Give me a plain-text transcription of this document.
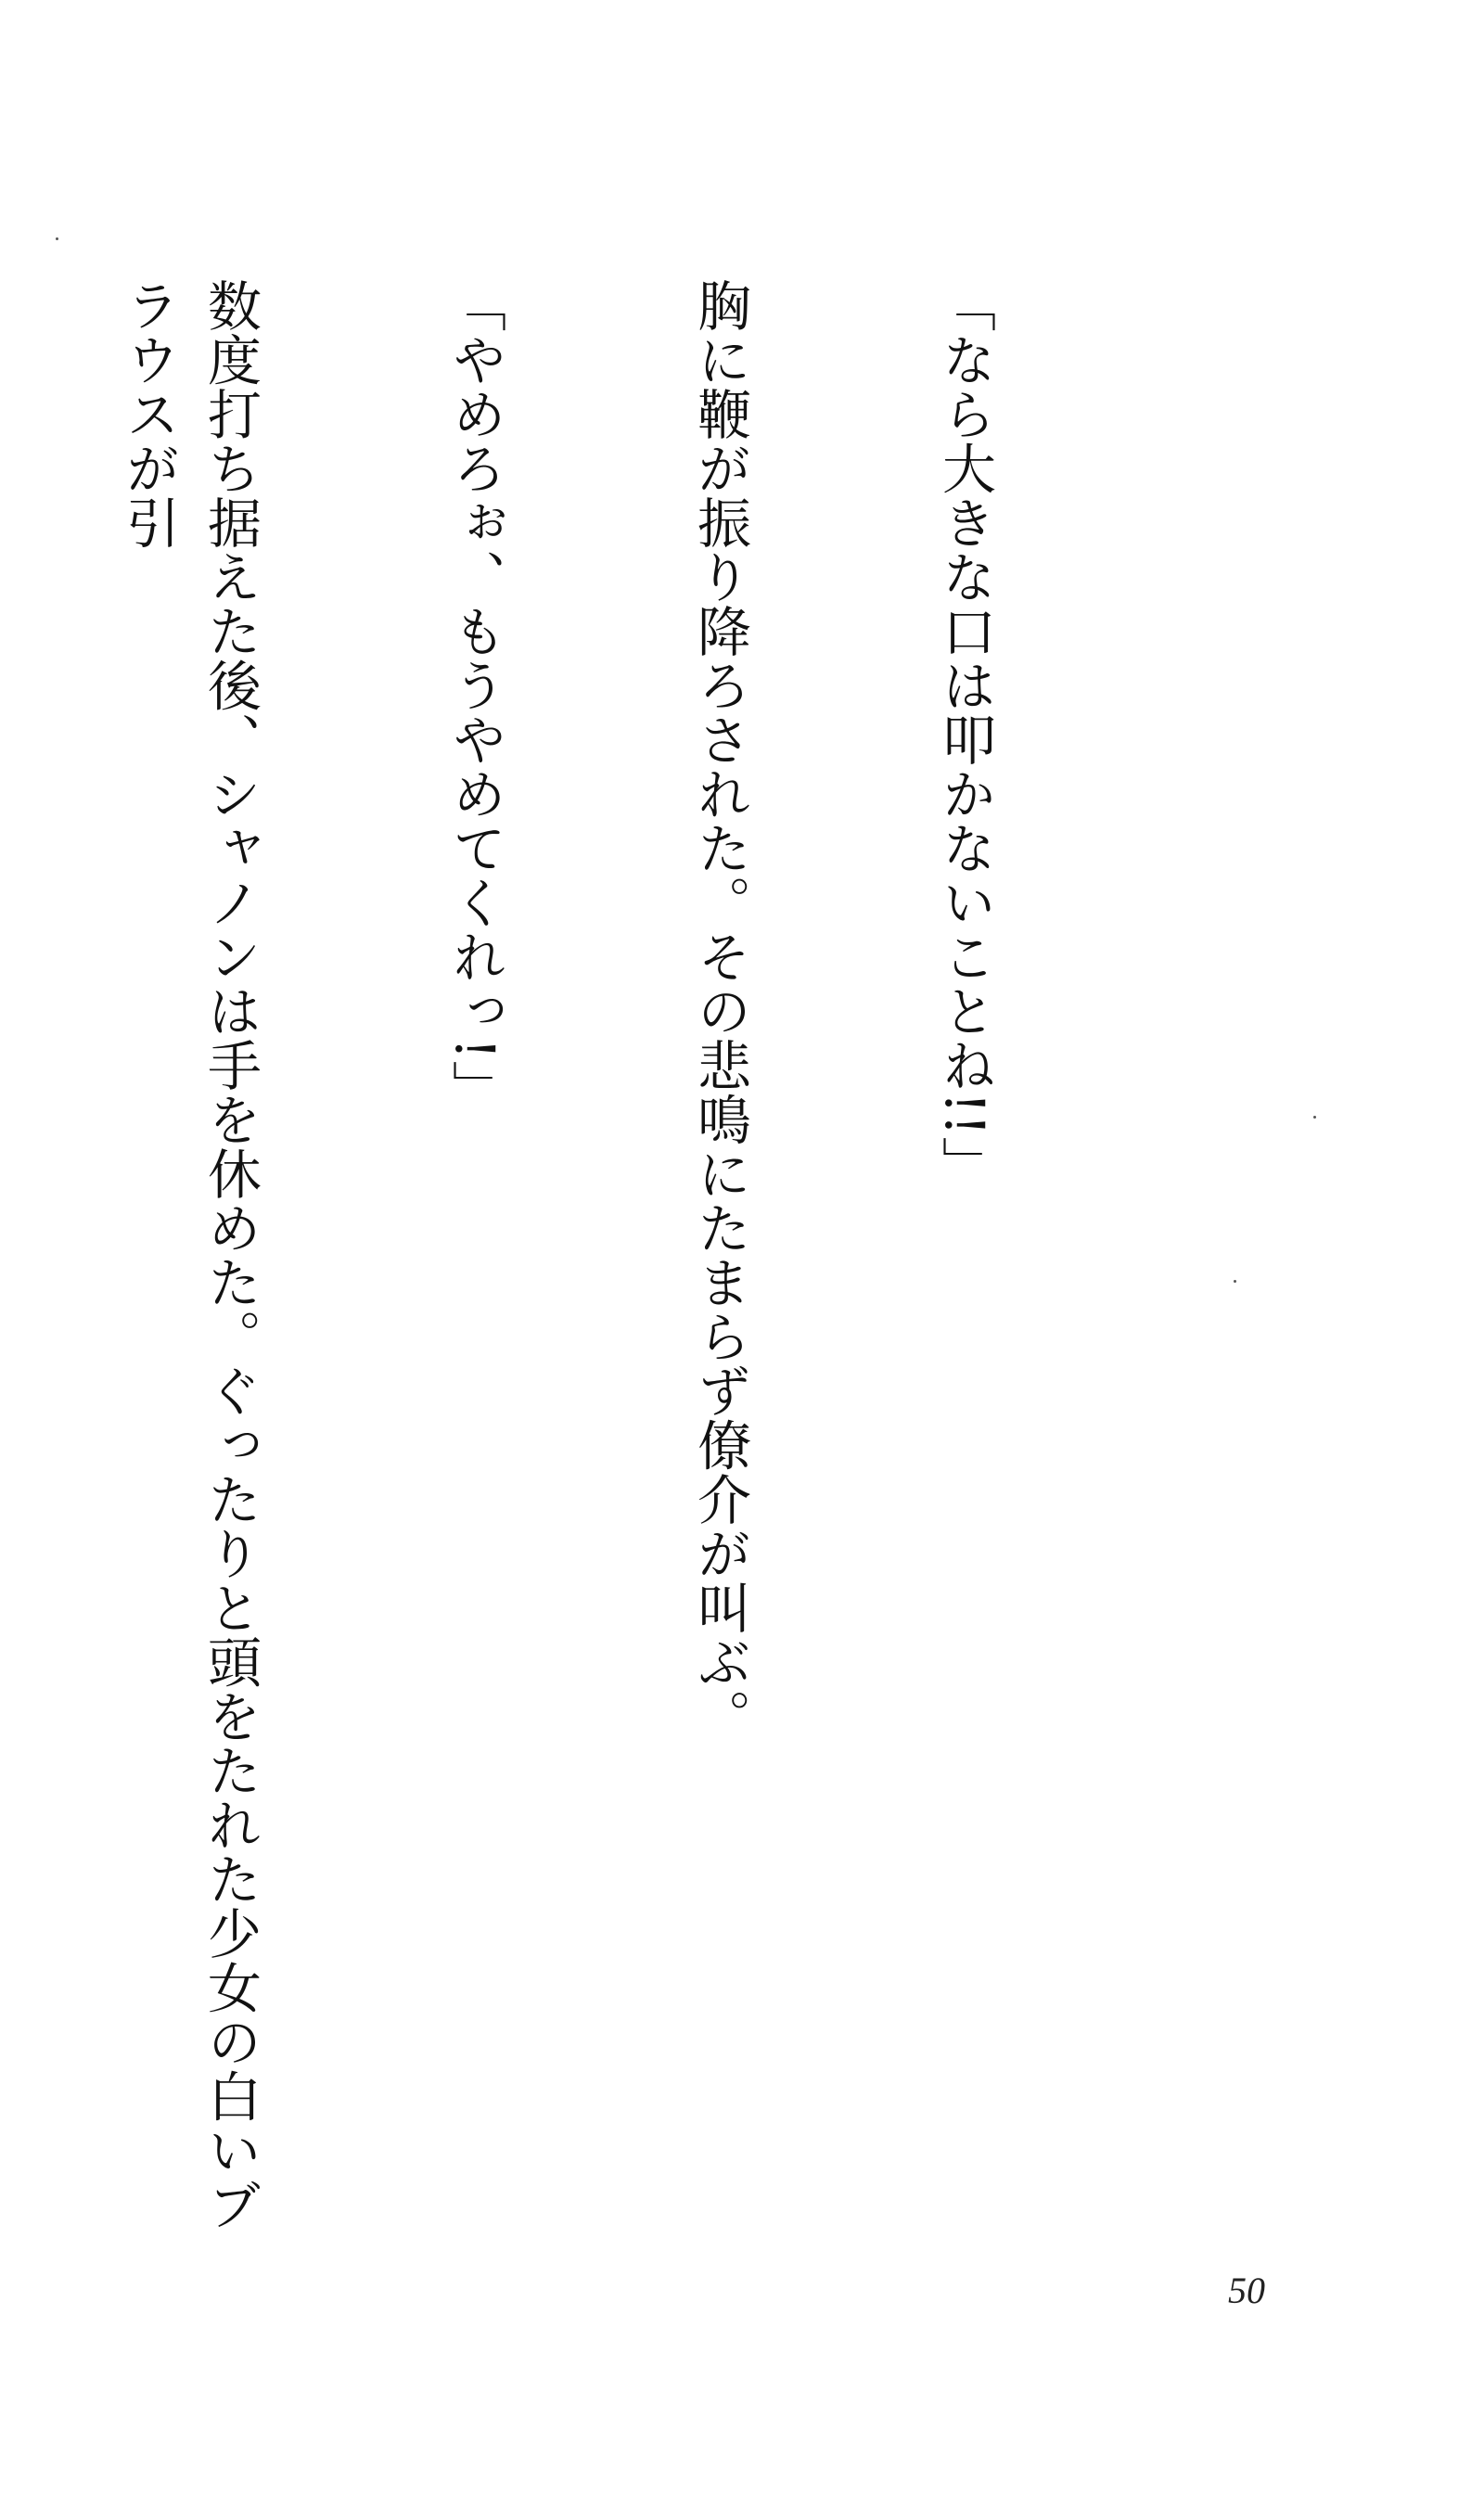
「なら大きな口は叩かないことね!!」

胸に鞭が振り降ろされた。その悲鳴にたまらず僚介が叫ぶ。

「やめろぉ、もうやめてくれっ!」

数度打ち据えた後、シャノンは手を休めた。ぐったりと頭をたれた少女の白いブラウスが引

50
